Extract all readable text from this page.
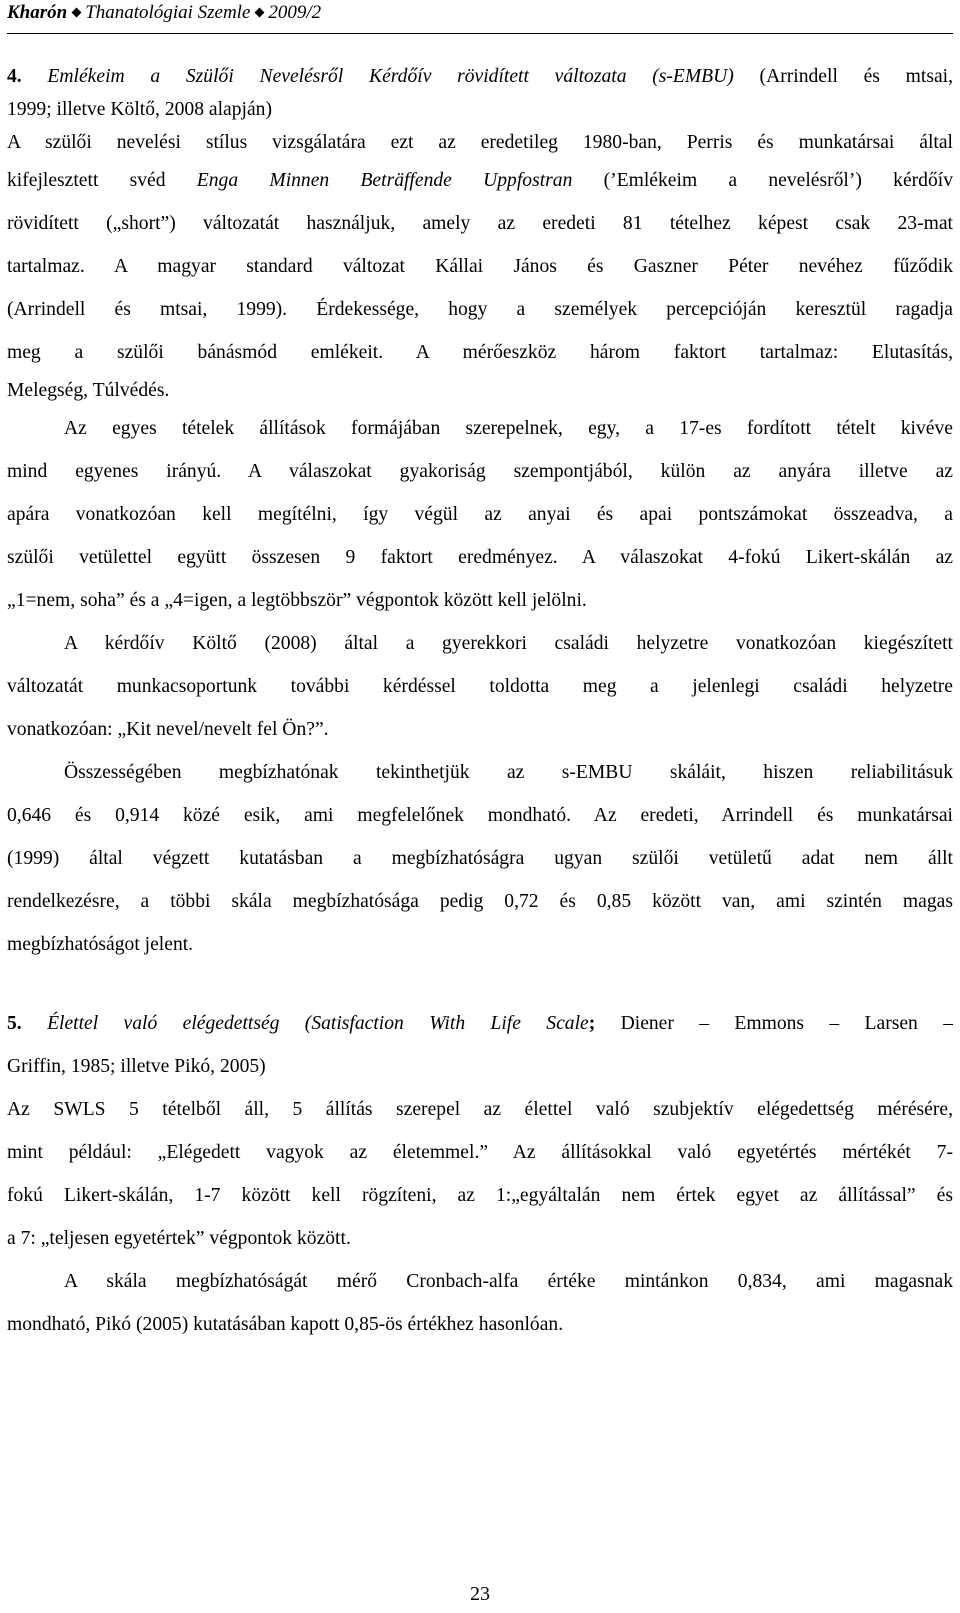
Kharón Thanatológiai Szemle 2009/2
4. Emlékeim a Szülői Nevelésről Kérdőív rövidített változata (s-EMBU) (Arrindell és mtsai,
1999; illetve Költő, 2008 alapján)
A szülői nevelési stílus vizsgálatára ezt az eredetileg 1980-ban, Perris és munkatársai által
kifejlesztett svéd Enga Minnen Beträffende Uppfostran (’Emlékeim a nevelésről’) kérdőív
rövidített („short”) változatát használjuk, amely az eredeti 81 tételhez képest csak 23-mat
tartalmaz. A magyar standard változat Kállai János és Gaszner Péter nevéhez fűződik
(Arrindell és mtsai, 1999). Érdekessége, hogy a személyek percepcióján keresztül ragadja
meg a szülői bánásmód emlékeit. A mérőeszköz három faktort tartalmaz: Elutasítás,
Melegség, Túlvédés.
Az egyes tételek állítások formájában szerepelnek, egy, a 17-es fordított tételt kivéve
mind egyenes irányú. A válaszokat gyakoriság szempontjából, külön az anyára illetve az
apára vonatkozóan kell megítélni, így végül az anyai és apai pontszámokat összeadva, a
szülői vetülettel együtt összesen 9 faktort eredményez. A válaszokat 4-fokú Likert-skálán az
„1=nem, soha” és a „4=igen, a legtöbbször” végpontok között kell jelölni.
A kérdőív Költő (2008) által a gyerekkori családi helyzetre vonatkozóan kiegészített
változatát munkacsoportunk további kérdéssel toldotta meg a jelenlegi családi helyzetre
vonatkozóan: „Kit nevel/nevelt fel Ön?”.
Összességében megbízhatónak tekinthetjük az s-EMBU skáláit, hiszen reliabilitásuk
0,646 és 0,914 közé esik, ami megfelelőnek mondható. Az eredeti, Arrindell és munkatársai
(1999) által végzett kutatásban a megbízhatóságra ugyan szülői vetületű adat nem állt
rendelkezésre, a többi skála megbízhatósága pedig 0,72 és 0,85 között van, ami szintén magas
megbízhatóságot jelent.
5. Élettel való elégedettség (Satisfaction With Life Scale; Diener – Emmons – Larsen –
Griffin, 1985; illetve Pikó, 2005)
Az SWLS 5 tételből áll, 5 állítás szerepel az élettel való szubjektív elégedettség mérésére,
mint például: „Elégedett vagyok az életemmel.” Az állításokkal való egyetértés mértékét 7-
fokú Likert-skálán, 1-7 között kell rögzíteni, az 1:„egyáltalán nem értek egyet az állítással” és
a 7: „teljesen egyetértek” végpontok között.
A skála megbízhatóságát mérő Cronbach-alfa értéke mintánkon 0,834, ami magasnak
mondható, Pikó (2005) kutatásában kapott 0,85-ös értékhez hasonlóan.
23
